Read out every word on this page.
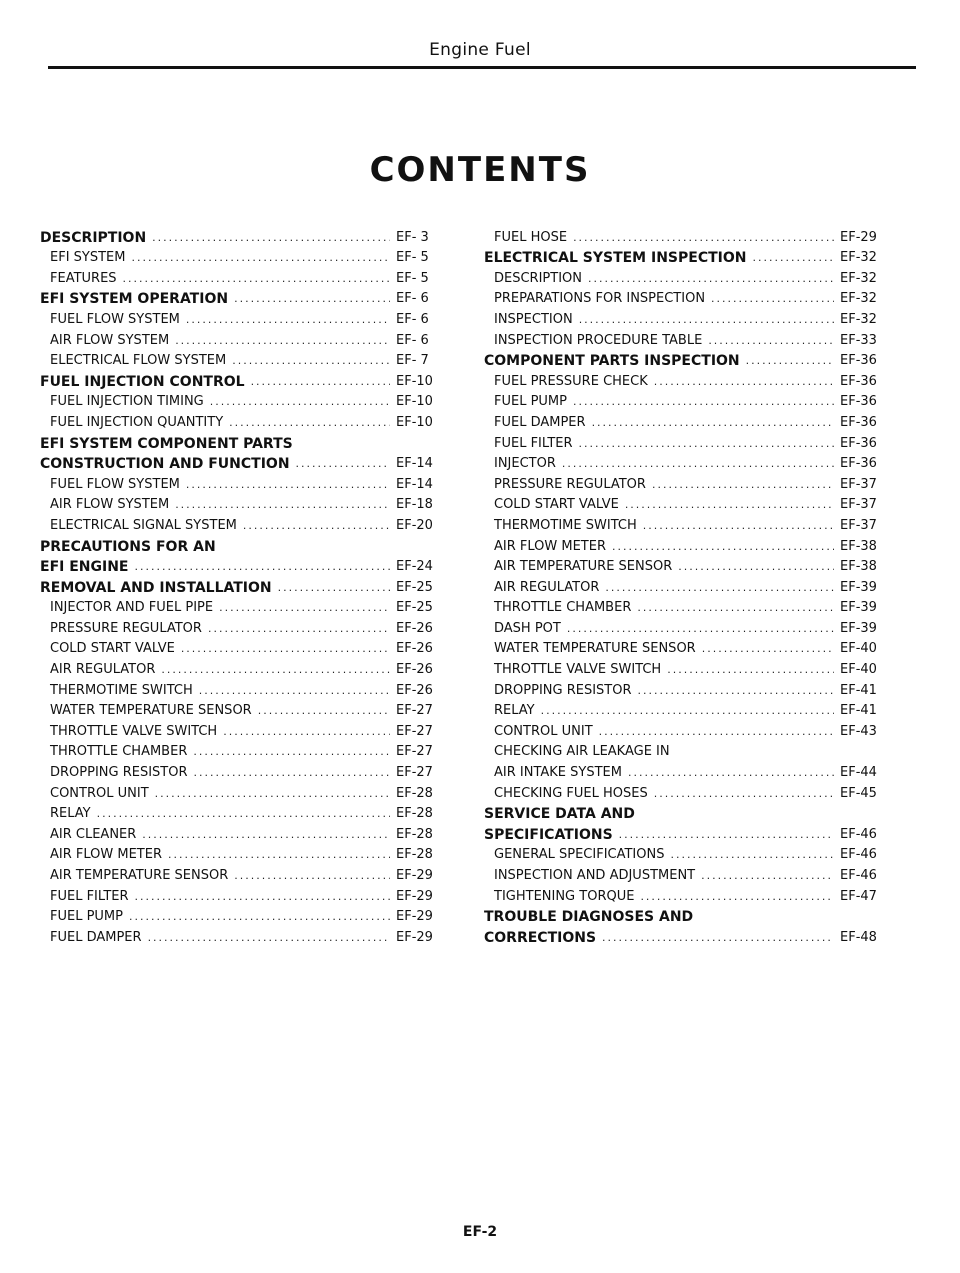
Engine Fuel
CONTENTS
DESCRIPTION .....	EF- 3
EFI SYSTEM .....	EF- 5
FEATURES .....	EF- 5
EFI SYSTEM OPERATION .....	EF- 6
FUEL FLOW SYSTEM .....	EF- 6
AIR FLOW SYSTEM .....	EF- 6
ELECTRICAL FLOW SYSTEM .....	EF- 7
FUEL INJECTION CONTROL .....	EF-10
FUEL INJECTION TIMING .....	EF-10
FUEL INJECTION QUANTITY .....	EF-10
EFI SYSTEM COMPONENT PARTS
CONSTRUCTION AND FUNCTION .....	EF-14
FUEL FLOW SYSTEM .....	EF-14
AIR FLOW SYSTEM .....	EF-18
ELECTRICAL SIGNAL SYSTEM .....	EF-20
PRECAUTIONS FOR AN
EFI ENGINE .....	EF-24
REMOVAL AND INSTALLATION .....	EF-25
INJECTOR AND FUEL PIPE .....	EF-25
PRESSURE REGULATOR .....	EF-26
COLD START VALVE .....	EF-26
AIR REGULATOR .....	EF-26
THERMOTIME SWITCH .....	EF-26
WATER TEMPERATURE SENSOR .....	EF-27
THROTTLE VALVE SWITCH .....	EF-27
THROTTLE CHAMBER .....	EF-27
DROPPING RESISTOR .....	EF-27
CONTROL UNIT .....	EF-28
RELAY .....	EF-28
AIR CLEANER .....	EF-28
AIR FLOW METER .....	EF-28
AIR TEMPERATURE SENSOR .....	EF-29
FUEL FILTER .....	EF-29
FUEL PUMP .....	EF-29
FUEL DAMPER .....	EF-29
FUEL HOSE .....	EF-29
ELECTRICAL SYSTEM INSPECTION .....	EF-32
DESCRIPTION .....	EF-32
PREPARATIONS FOR INSPECTION .....	EF-32
INSPECTION .....	EF-32
INSPECTION PROCEDURE TABLE .....	EF-33
COMPONENT PARTS INSPECTION .....	EF-36
FUEL PRESSURE CHECK .....	EF-36
FUEL PUMP .....	EF-36
FUEL DAMPER .....	EF-36
FUEL FILTER .....	EF-36
INJECTOR .....	EF-36
PRESSURE REGULATOR .....	EF-37
COLD START VALVE .....	EF-37
THERMOTIME SWITCH .....	EF-37
AIR FLOW METER .....	EF-38
AIR TEMPERATURE SENSOR .....	EF-38
AIR REGULATOR .....	EF-39
THROTTLE CHAMBER .....	EF-39
DASH POT .....	EF-39
WATER TEMPERATURE SENSOR .....	EF-40
THROTTLE VALVE SWITCH .....	EF-40
DROPPING RESISTOR .....	EF-41
RELAY .....	EF-41
CONTROL UNIT .....	EF-43
CHECKING AIR LEAKAGE IN
AIR INTAKE SYSTEM .....	EF-44
CHECKING FUEL HOSES .....	EF-45
SERVICE DATA AND
SPECIFICATIONS .....	EF-46
GENERAL SPECIFICATIONS .....	EF-46
INSPECTION AND ADJUSTMENT .....	EF-46
TIGHTENING TORQUE .....	EF-47
TROUBLE DIAGNOSES AND
CORRECTIONS .....	EF-48
EF-2
